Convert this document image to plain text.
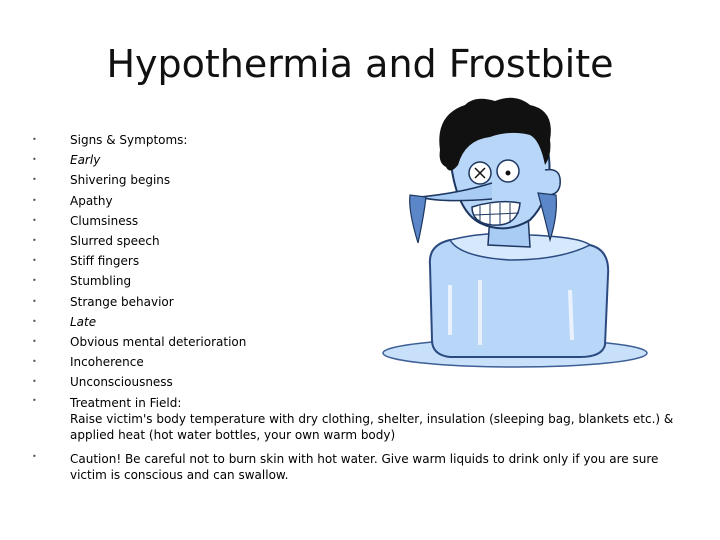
Hypothermia and Frostbite
•	Signs & Symptoms:
•	Early
•	Shivering begins
•	Apathy
•	Clumsiness
•	Slurred speech
•	Stiff fingers
•	Stumbling
•	Strange behavior
•	Late
•	Obvious mental deterioration
•	Incoherence
•	Unconsciousness
•	Treatment in Field:
Raise victim's body temperature with dry clothing, shelter, insulation (sleeping bag, blankets etc.) & applied heat (hot water bottles, your own warm body)
•	Caution! Be careful not to burn skin with hot water. Give warm liquids to drink only if you are sure victim is conscious and can swallow.
